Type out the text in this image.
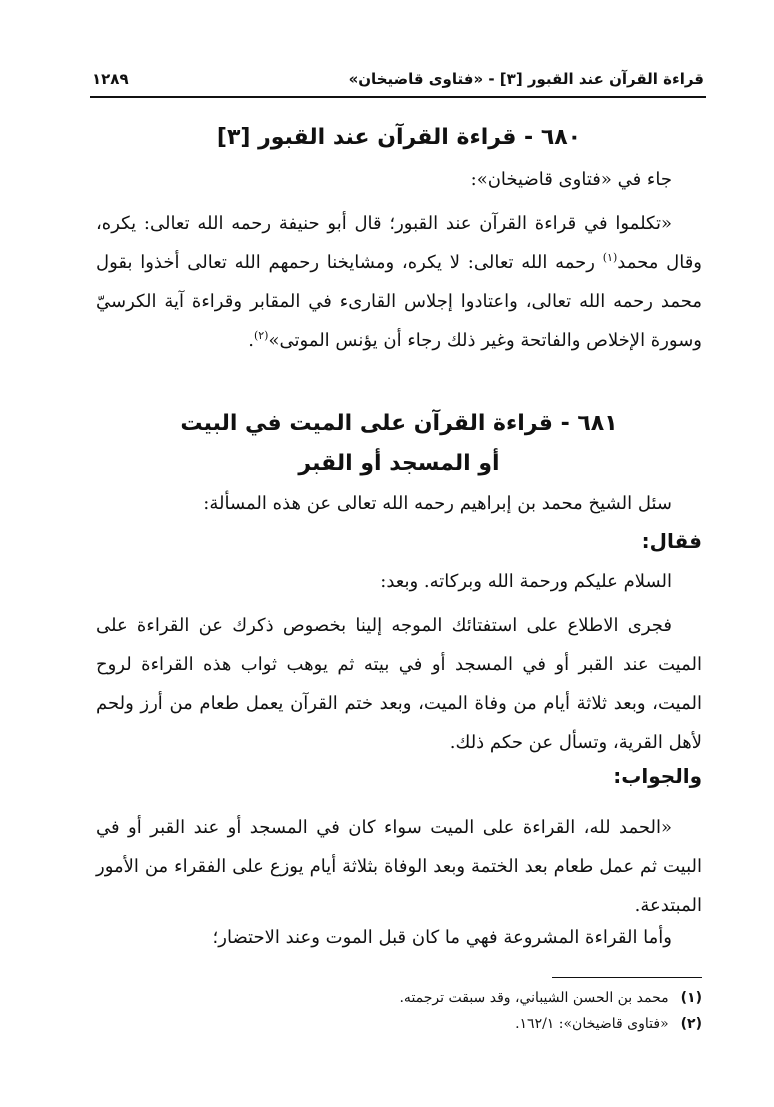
قراءة القرآن عند القبور [٣] - «فتاوى قاضيخان»
١٢٨٩

٦٨٠ - قراءة القرآن عند القبور [٣]

جاء في «فتاوى قاضيخان»:

«تكلموا في قراءة القرآن عند القبور؛ قال أبو حنيفة رحمه الله تعالى: يكره، وقال محمد$^{(١)}$ رحمه الله تعالى: لا يكره، ومشايخنا رحمهم الله تعالى أخذوا بقول محمد رحمه الله تعالى، واعتادوا إجلاس القارىء في المقابر وقراءة آية الكرسيّ وسورة الإخلاص والفاتحة وغير ذلك رجاء أن يؤنس الموتى»$^{(٢)}$.

٦٨١ - قراءة القرآن على الميت في البيت

أو المسجد أو القبر

سئل الشيخ محمد بن إبراهيم رحمه الله تعالى عن هذه المسألة:

فقال:

السلام عليكم ورحمة الله وبركاته. وبعد:

فجرى الاطلاع على استفتائك الموجه إلينا بخصوص ذكرك عن القراءة على الميت عند القبر أو في المسجد أو في بيته ثم يوهب ثواب هذه القراءة لروح الميت، وبعد ثلاثة أيام من وفاة الميت، وبعد ختم القرآن يعمل طعام من أرز ولحم لأهل القرية، وتسأل عن حكم ذلك.

والجواب:

«الحمد لله، القراءة على الميت سواء كان في المسجد أو عند القبر أو في البيت ثم عمل طعام بعد الختمة وبعد الوفاة بثلاثة أيام يوزع على الفقراء من الأمور المبتدعة.

وأما القراءة المشروعة فهي ما كان قبل الموت وعند الاحتضار؛

(١)
محمد بن الحسن الشيباني، وقد سبقت ترجمته.

(٢)
«فتاوى قاضيخان»: ١٦٢/١.
